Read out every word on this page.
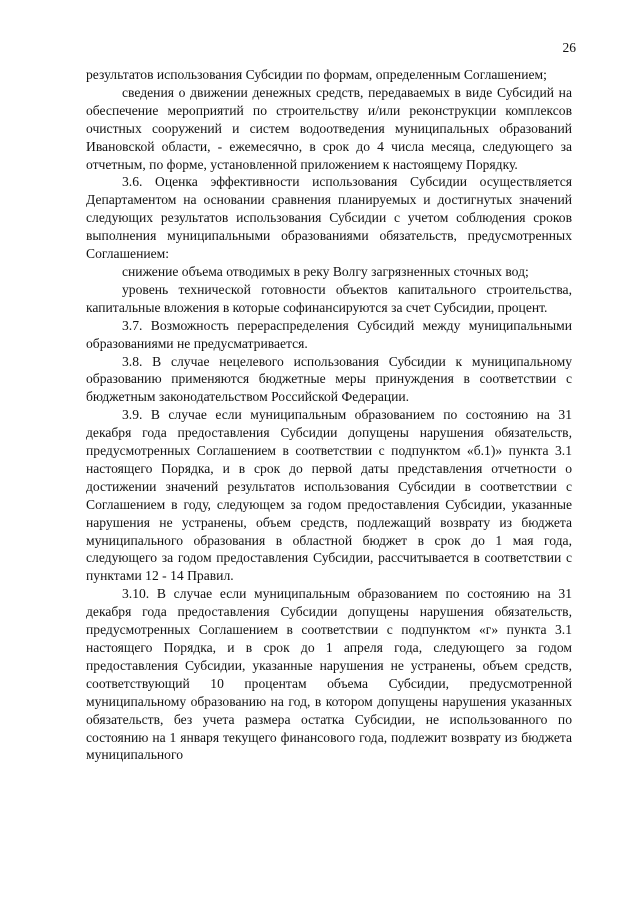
26

результатов использования Субсидии по формам, определенным Соглашением;

сведения о движении денежных средств, передаваемых в виде Субсидий на обеспечение мероприятий по строительству и/или реконструкции комплексов очистных сооружений и систем водоотведения муниципальных образований Ивановской области, - ежемесячно, в срок до 4 числа месяца, следующего за отчетным, по форме, установленной приложением к настоящему Порядку.

3.6. Оценка эффективности использования Субсидии осуществляется Департаментом на основании сравнения планируемых и достигнутых значений следующих результатов использования Субсидии с учетом соблюдения сроков выполнения муниципальными образованиями обязательств, предусмотренных Соглашением:

снижение объема отводимых в реку Волгу загрязненных сточных вод;

уровень технической готовности объектов капитального строительства, капитальные вложения в которые софинансируются за счет Субсидии, процент.

3.7. Возможность перераспределения Субсидий между муниципальными образованиями не предусматривается.

3.8. В случае нецелевого использования Субсидии к муниципальному образованию применяются бюджетные меры принуждения в соответствии с бюджетным законодательством Российской Федерации.

3.9. В случае если муниципальным образованием по состоянию на 31 декабря года предоставления Субсидии допущены нарушения обязательств, предусмотренных Соглашением в соответствии с подпунктом «б.1)» пункта 3.1 настоящего Порядка, и в срок до первой даты представления отчетности о достижении значений результатов использования Субсидии в соответствии с Соглашением в году, следующем за годом предоставления Субсидии, указанные нарушения не устранены, объем средств, подлежащий возврату из бюджета муниципального образования в областной бюджет в срок до 1 мая года, следующего за годом предоставления Субсидии, рассчитывается в соответствии с пунктами 12 - 14 Правил.

3.10. В случае если муниципальным образованием по состоянию на 31 декабря года предоставления Субсидии допущены нарушения обязательств, предусмотренных Соглашением в соответствии с подпунктом «г» пункта 3.1 настоящего Порядка, и в срок до 1 апреля года, следующего за годом предоставления Субсидии, указанные нарушения не устранены, объем средств, соответствующий 10 процентам объема Субсидии, предусмотренной муниципальному образованию на год, в котором допущены нарушения указанных обязательств, без учета размера остатка Субсидии, не использованного по состоянию на 1 января текущего финансового года, подлежит возврату из бюджета муниципального
